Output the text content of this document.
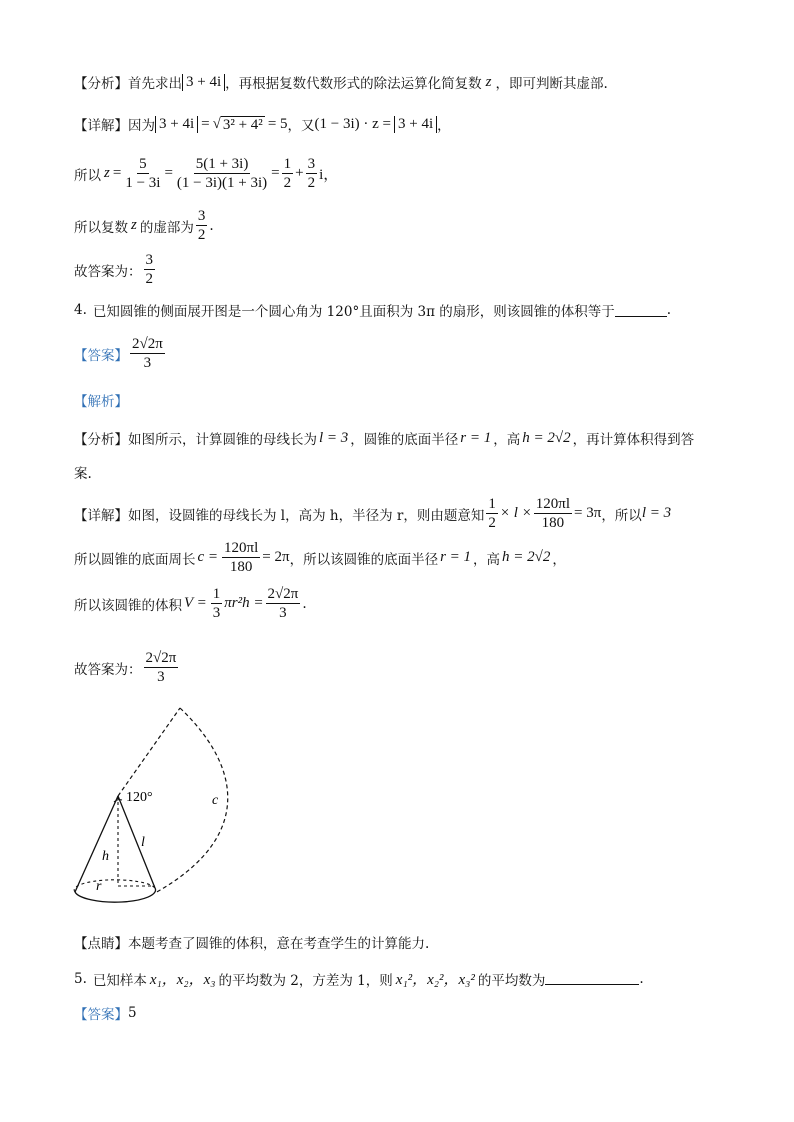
【分析】 首先求出 3 + 4i ，再根据复数代数形式的除法运算化简复数 z ，即可判断其虚部.
【详解】 因为 3 + 4i = √ 3² + 4² = 5 ，又 (1 − 3i) · z = 3 + 4i ，
所以 $z = \frac{5}{1 - 3i} = \frac{5(1 + 3i)}{(1 - 3i)(1 + 3i)} = \frac{1}{2} + \frac{3}{2}$ i，
所以复数 z 的虚部为 $\frac{3}{2}$ .
故答案为： $\frac{3}{2}$
4. 已知圆锥的侧面展开图是一个圆心角为 120°且面积为 3π 的扇形，则该圆锥的体积等于	.
【答案】 $\frac{2√2\pi}{3}$
【解析】
【分析】 如图所示，计算圆锥的母线长为 l = 3 ，圆锥的底面半径 r = 1 ，高 h = 2√2 ，再计算体积得到答
案.
【详解】 如图，设圆锥的母线长为 l，高为 h，半径为 r，则由题意知 $\frac{1}{2} \times l \times \frac{120\pi l}{180} = 3\pi$ ，所以 l = 3
所以圆锥的底面周长 $c = \frac{120\pi l}{180} = 2\pi$ ，所以该圆锥的底面半径 r = 1 ，高 h = 2√2 ，
所以该圆锥的体积 $V = \frac{1}{3} \pi r^2h = \frac{2√2\pi}{3}$ .
故答案为： $\frac{2√2\pi}{3}$
120°	c
l
h
r
【点睛】 本题考查了圆锥的体积，意在考查学生的计算能力.
5. 已知样本 x₁，x₂，x₃ 的平均数为 2，方差为 1，则 x₁²，x₂²，x₃² 的平均数为	.
【答案】 5
